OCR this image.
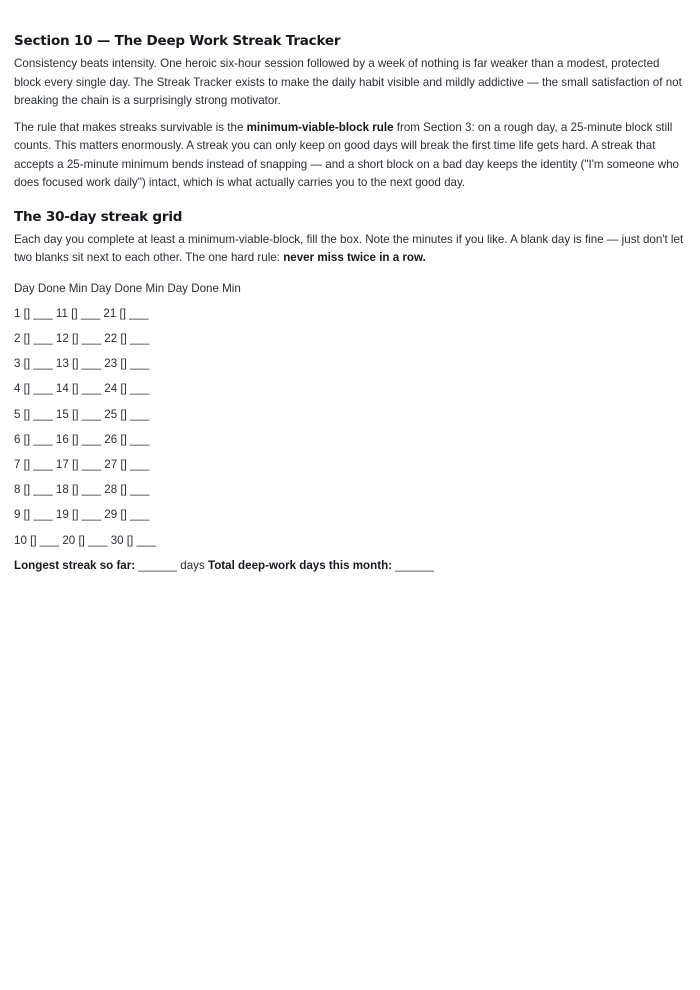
Section 10 — The Deep Work Streak Tracker

Consistency beats intensity. One heroic six-hour session followed by a week of nothing is far weaker than a modest, protected block every single day. The Streak Tracker exists to make the daily habit visible and mildly addictive — the small satisfaction of not breaking the chain is a surprisingly strong motivator.

The rule that makes streaks survivable is the minimum-viable-block rule from Section 3: on a rough day, a 25-minute block still counts. This matters enormously. A streak you can only keep on good days will break the first time life gets hard. A streak that accepts a 25-minute minimum bends instead of snapping — and a short block on a bad day keeps the identity ("I'm someone who does focused work daily") intact, which is what actually carries you to the next good day.

The 30-day streak grid

Each day you complete at least a minimum-viable-block, fill the box. Note the minutes if you like. A blank day is fine — just don't let two blanks sit next to each other. The one hard rule: never miss twice in a row.

Day Done Min Day Done Min Day Done Min
1 [] ___ 11 [] ___ 21 [] ___
2 [] ___ 12 [] ___ 22 [] ___
3 [] ___ 13 [] ___ 23 [] ___
4 [] ___ 14 [] ___ 24 [] ___
5 [] ___ 15 [] ___ 25 [] ___
6 [] ___ 16 [] ___ 26 [] ___
7 [] ___ 17 [] ___ 27 [] ___
8 [] ___ 18 [] ___ 28 [] ___
9 [] ___ 19 [] ___ 29 [] ___
10 [] ___ 20 [] ___ 30 [] ___
Longest streak so far: ______ days Total deep-work days this month: ______
